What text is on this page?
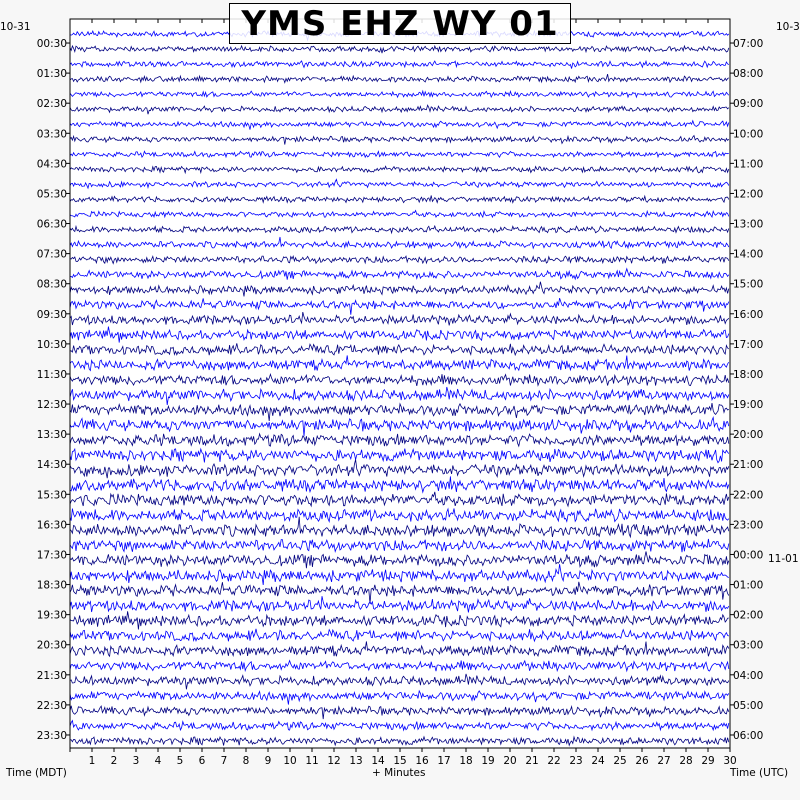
00:30
01:30
02:30
03:30
04:30
05:30
06:30
07:30
08:30
09:30
10:30
11:30
12:30
13:30
14:30
15:30
16:30
17:30
18:30
19:30
20:30
21:30
22:30
23:30
07:00
08:00
09:00
10:00
11:00
12:00
13:00
14:00
15:00
16:00
17:00
18:00
19:00
20:00
21:00
22:00
23:00
00:00
01:00
02:00
03:00
04:00
05:00
06:00
1 2 3 4 5 6 7 8 9 10 11 12 13 14 15 16 17 18 19 20 21 22 23 24 25 26 27 28 29 30
YMS EHZ WY 01
10-31	10-3
11-01
Time (MDT)	+ Minutes	Time (UTC)
